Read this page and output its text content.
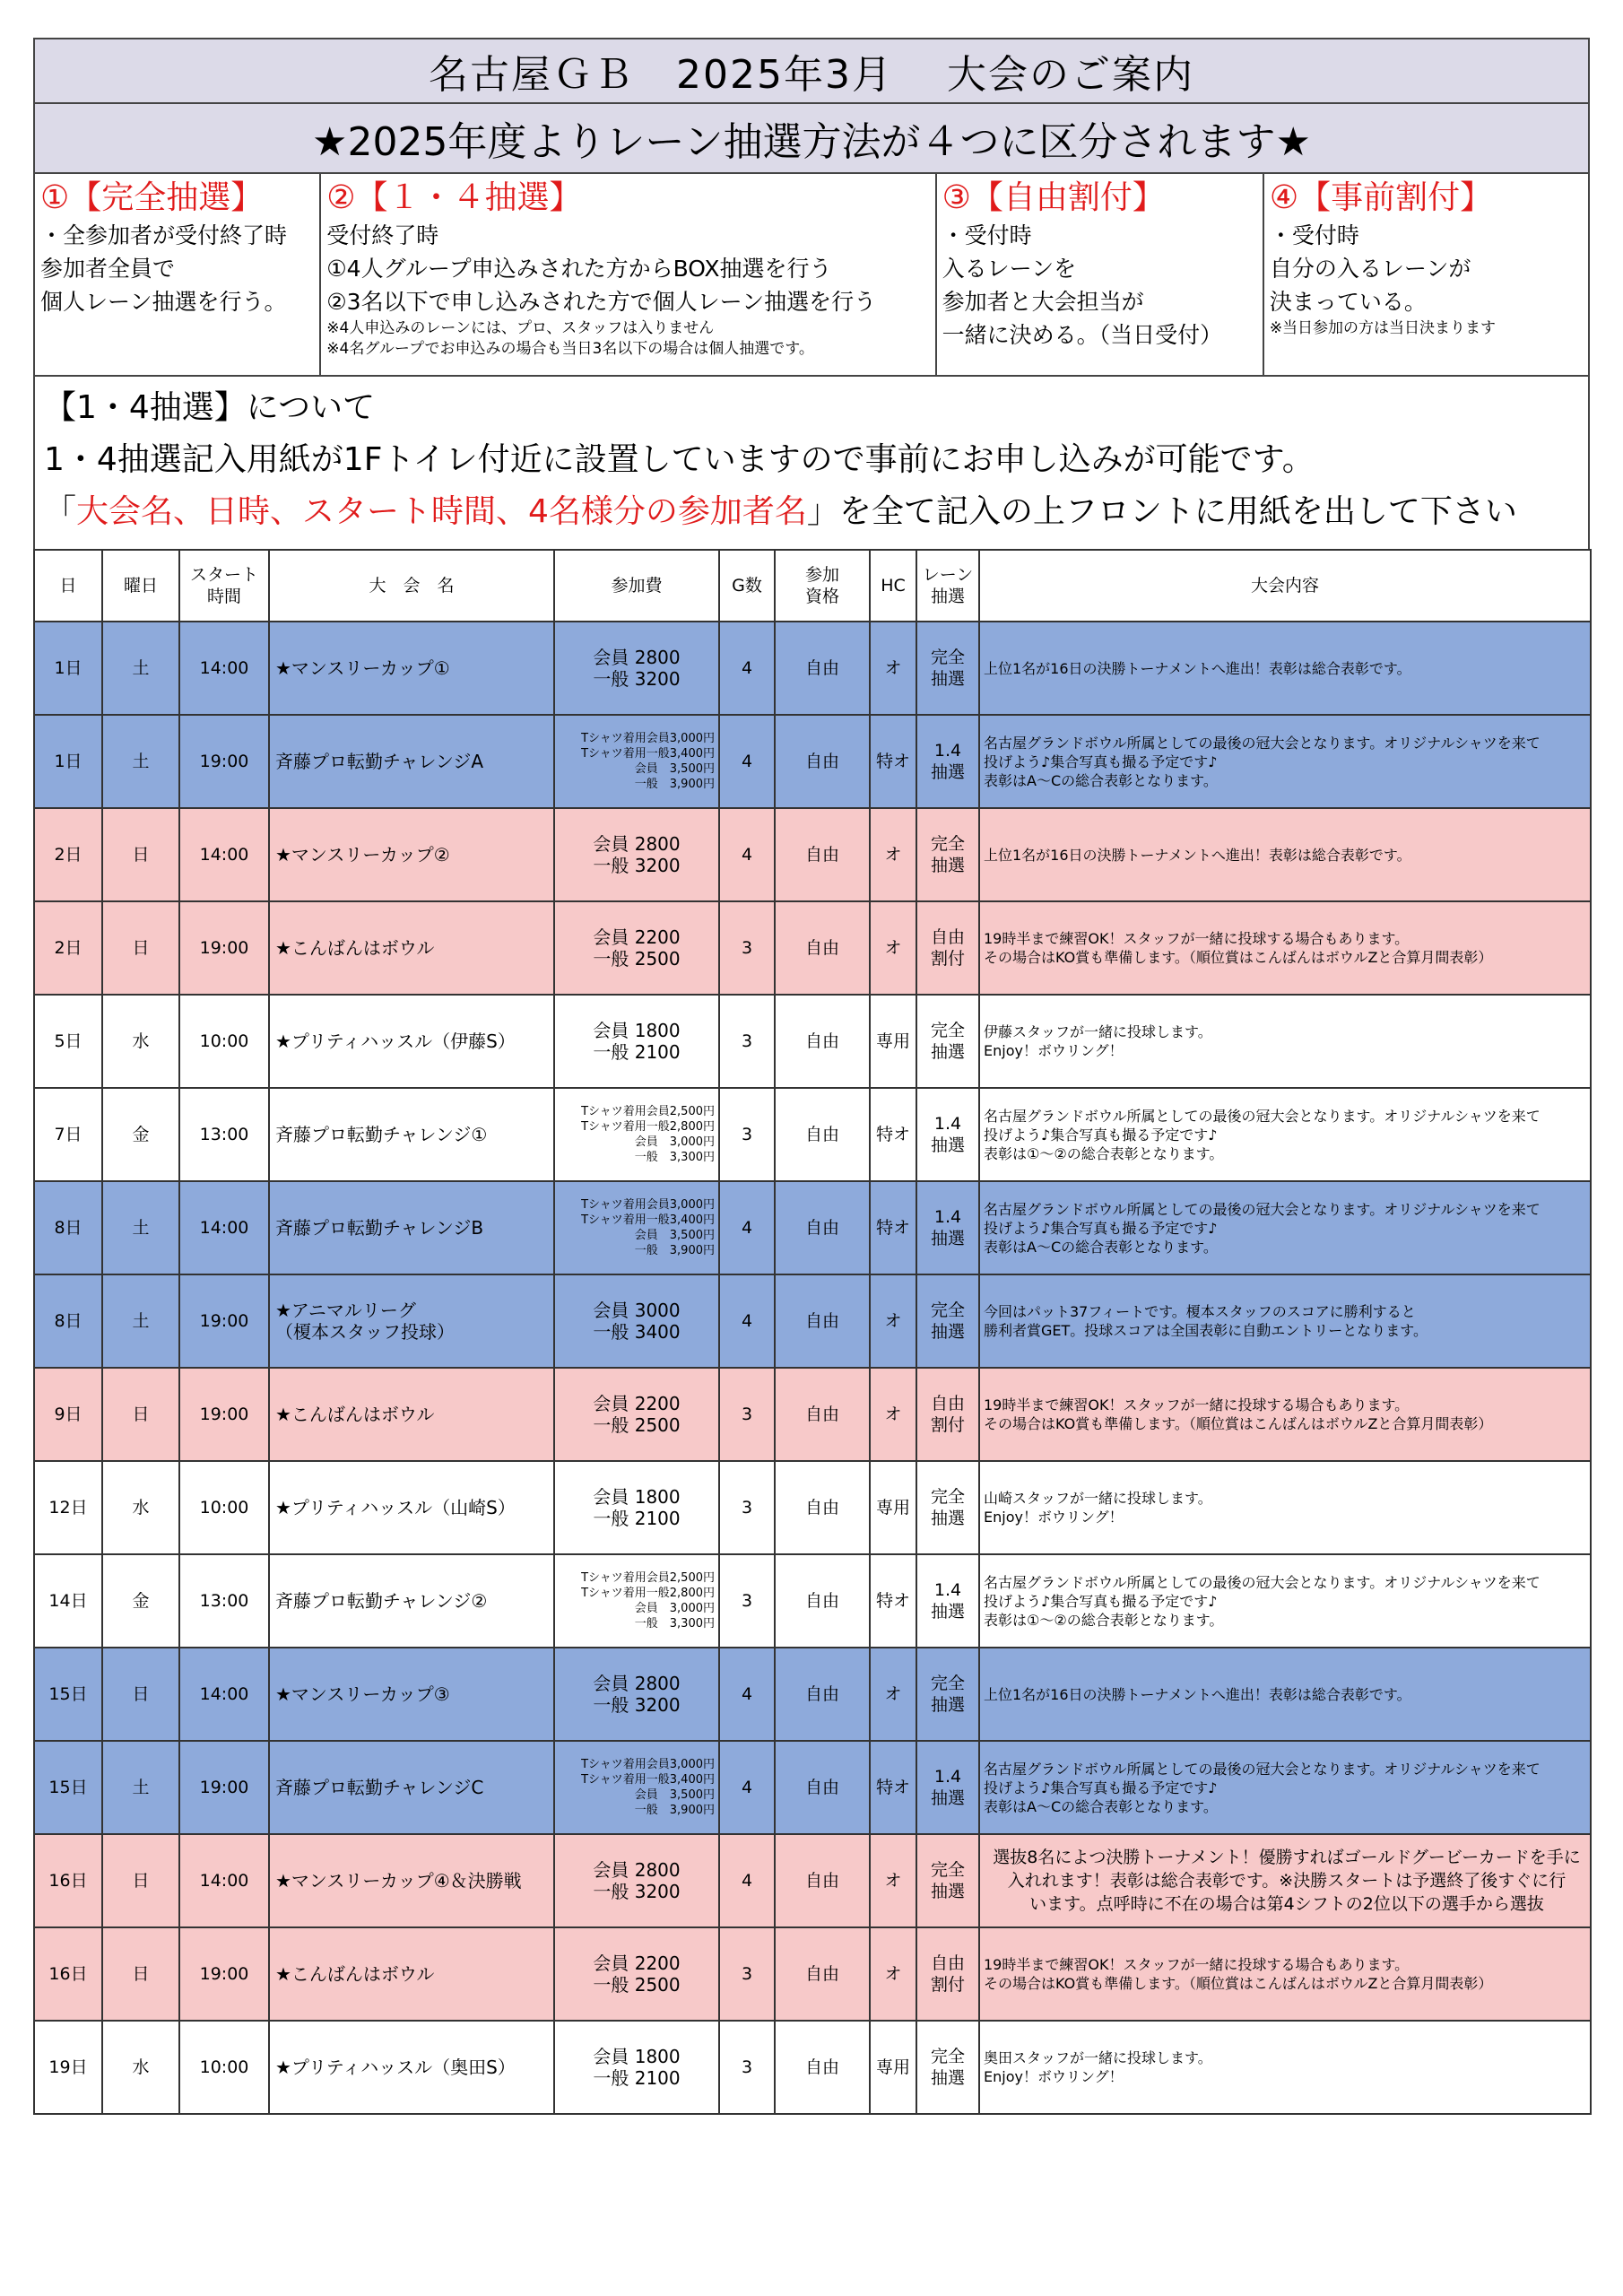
名古屋ＧＢ　2025年3月 大会のご案内
★2025年度よりレーン抽選方法が４つに区分されます★
①【完全抽選】
・全参加者が受付終了時
参加者全員で
個人レーン抽選を行う。
②【１・４抽選】
受付終了時
①4人グループ申込みされた方からBOX抽選を行う
②3名以下で申し込みされた方で個人レーン抽選を行う
※4人申込みのレーンには、プロ、スタッフは入りません
※4名グループでお申込みの場合も当日3名以下の場合は個人抽選です。
③【自由割付】
・受付時
入るレーンを
参加者と大会担当が
一緒に決める。（当日受付）
④【事前割付】
・受付時
自分の入るレーンが
決まっている。
※当日参加の方は当日決まります
【1・4抽選】について
1・4抽選記入用紙が1Fトイレ付近に設置していますので事前にお申し込みが可能です。
「大会名、日時、スタート時間、4名様分の参加者名」を全て記入の上フロントに用紙を出して下さい
日	曜日	スタート
時間	大　会　名	参加費	G数	参加
資格	HC	レーン
抽選	大会内容
1日	土	14:00	★マンスリーカップ①	会員 2800
一般 3200	4	自由	オ	完全
抽選	上位1名が16日の決勝トーナメントへ進出！表彰は総合表彰です。

1日	土	19:00	斉藤プロ転勤チャレンジA	Tシャツ着用会員3,000円
Tシャツ着用一般3,400円
会員　3,500円
一般　3,900円	4	自由	特オ	1.4
抽選	名古屋グランドボウル所属としての最後の冠大会となります。オリジナルシャツを来て
投げよう♪集合写真も撮る予定です♪
表彰はA～Cの総合表彰となります。

2日	日	14:00	★マンスリーカップ②	会員 2800
一般 3200	4	自由	オ	完全
抽選	上位1名が16日の決勝トーナメントへ進出！表彰は総合表彰です。

2日	日	19:00	★こんばんはボウル	会員 2200
一般 2500	3	自由	オ	自由
割付	19時半まで練習OK！スタッフが一緒に投球する場合もあります。
その場合はKO賞も準備します。（順位賞はこんばんはボウルZと合算月間表彰）

5日	水	10:00	★プリティハッスル（伊藤S）	会員 1800
一般 2100	3	自由	専用	完全
抽選	伊藤スタッフが一緒に投球します。
Enjoy！ボウリング！

7日	金	13:00	斉藤プロ転勤チャレンジ①	Tシャツ着用会員2,500円
Tシャツ着用一般2,800円
会員　3,000円
一般　3,300円	3	自由	特オ	1.4
抽選	名古屋グランドボウル所属としての最後の冠大会となります。オリジナルシャツを来て
投げよう♪集合写真も撮る予定です♪
表彰は①～②の総合表彰となります。

8日	土	14:00	斉藤プロ転勤チャレンジB	Tシャツ着用会員3,000円
Tシャツ着用一般3,400円
会員　3,500円
一般　3,900円	4	自由	特オ	1.4
抽選	名古屋グランドボウル所属としての最後の冠大会となります。オリジナルシャツを来て
投げよう♪集合写真も撮る予定です♪
表彰はA～Cの総合表彰となります。

8日	土	19:00	★アニマルリーグ
（榎本スタッフ投球）	会員 3000
一般 3400	4	自由	オ	完全
抽選	今回はパット37フィートです。榎本スタッフのスコアに勝利すると
勝利者賞GET。投球スコアは全国表彰に自動エントリーとなります。

9日	日	19:00	★こんばんはボウル	会員 2200
一般 2500	3	自由	オ	自由
割付	19時半まで練習OK！スタッフが一緒に投球する場合もあります。
その場合はKO賞も準備します。（順位賞はこんばんはボウルZと合算月間表彰）

12日	水	10:00	★プリティハッスル（山崎S）	会員 1800
一般 2100	3	自由	専用	完全
抽選	山崎スタッフが一緒に投球します。
Enjoy！ボウリング！

14日	金	13:00	斉藤プロ転勤チャレンジ②	Tシャツ着用会員2,500円
Tシャツ着用一般2,800円
会員　3,000円
一般　3,300円	3	自由	特オ	1.4
抽選	名古屋グランドボウル所属としての最後の冠大会となります。オリジナルシャツを来て
投げよう♪集合写真も撮る予定です♪
表彰は①～②の総合表彰となります。

15日	日	14:00	★マンスリーカップ③	会員 2800
一般 3200	4	自由	オ	完全
抽選	上位1名が16日の決勝トーナメントへ進出！表彰は総合表彰です。

15日	土	19:00	斉藤プロ転勤チャレンジC	Tシャツ着用会員3,000円
Tシャツ着用一般3,400円
会員　3,500円
一般　3,900円	4	自由	特オ	1.4
抽選	名古屋グランドボウル所属としての最後の冠大会となります。オリジナルシャツを来て
投げよう♪集合写真も撮る予定です♪
表彰はA～Cの総合表彰となります。

16日	日	14:00	★マンスリーカップ④＆決勝戦	会員 2800
一般 3200	4	自由	オ	完全
抽選	選抜8名によつ決勝トーナメント！優勝すればゴールドグービーカードを手に
入れれます！表彰は総合表彰です。※決勝スタートは予選終了後すぐに行
います。点呼時に不在の場合は第4シフトの2位以下の選手から選抜

16日	日	19:00	★こんばんはボウル	会員 2200
一般 2500	3	自由	オ	自由
割付	19時半まで練習OK！スタッフが一緒に投球する場合もあります。
その場合はKO賞も準備します。（順位賞はこんばんはボウルZと合算月間表彰）

19日	水	10:00	★プリティハッスル（奥田S）	会員 1800
一般 2100	3	自由	専用	完全
抽選	奥田スタッフが一緒に投球します。
Enjoy！ボウリング！
